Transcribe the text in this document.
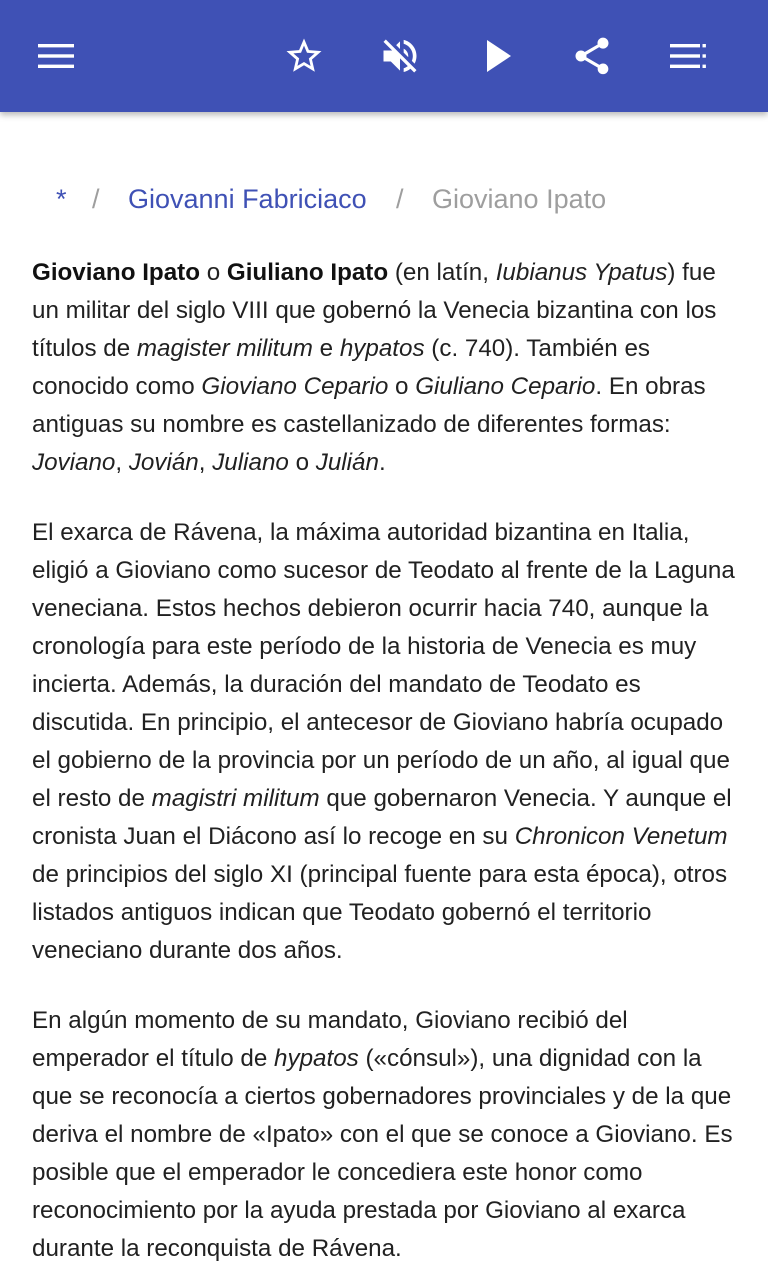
* / Giovanni Fabriciaco / Gioviano Ipato

Gioviano Ipato o Giuliano Ipato (en latín, Iubianus Ypatus) fue un militar del siglo VIII que gobernó la Venecia bizantina con los títulos de magister militum e hypatos (c. 740). También es conocido como Gioviano Cepario o Giuliano Cepario. En obras antiguas su nombre es castellanizado de diferentes formas: Joviano, Jovián, Juliano o Julián.

El exarca de Rávena, la máxima autoridad bizantina en Italia, eligió a Gioviano como sucesor de Teodato al frente de la Laguna veneciana. Estos hechos debieron ocurrir hacia 740, aunque la cronología para este período de la historia de Venecia es muy incierta. Además, la duración del mandato de Teodato es discutida. En principio, el antecesor de Gioviano habría ocupado el gobierno de la provincia por un período de un año, al igual que el resto de magistri militum que gobernaron Venecia. Y aunque el cronista Juan el Diácono así lo recoge en su Chronicon Venetum de principios del siglo XI (principal fuente para esta época), otros listados antiguos indican que Teodato gobernó el territorio veneciano durante dos años.

En algún momento de su mandato, Gioviano recibió del emperador el título de hypatos («cónsul»), una dignidad con la que se reconocía a ciertos gobernadores provinciales y de la que deriva el nombre de «Ipato» con el que se conoce a Gioviano. Es posible que el emperador le concediera este honor como reconocimiento por la ayuda prestada por Gioviano al exarca durante la reconquista de Rávena.
